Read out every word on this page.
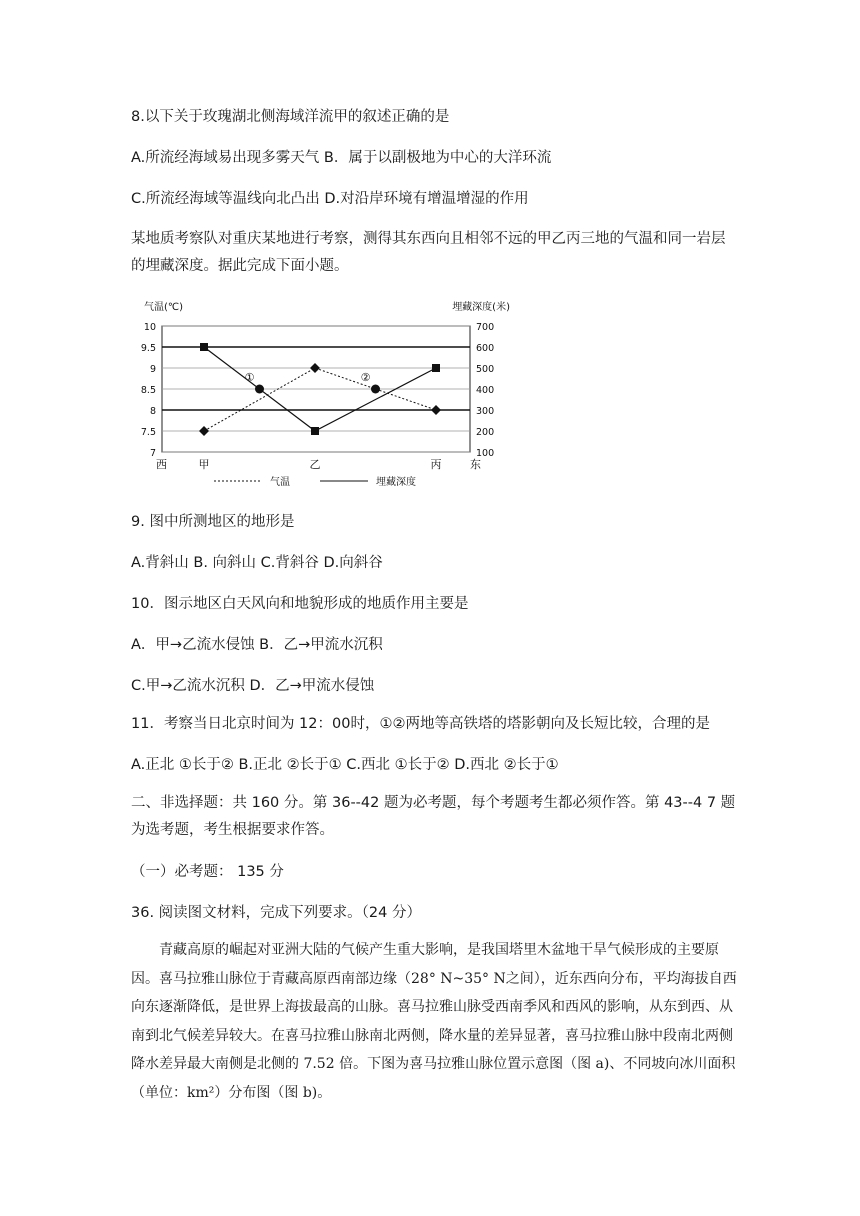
8.以下关于玫瑰湖北侧海域洋流甲的叙述正确的是
A.所流经海域易出现多雾天气 B．属于以副极地为中心的大洋环流
C.所流经海域等温线向北凸出 D.对沿岸环境有增温增湿的作用
某地质考察队对重庆某地进行考察，测得其东西向且相邻不远的甲乙丙三地的气温和同一岩层的埋藏深度。据此完成下面小题。
气温(℃)	埋藏深度(米)
10
9.5
9
8.5
8
7.5
7
700
600
500
400
300
200
100
①	②
西	东
甲	乙	丙
气温	埋藏深度
9. 图中所测地区的地形是
A.背斜山 B. 向斜山 C.背斜谷 D.向斜谷
10．图示地区白天风向和地貌形成的地质作用主要是
A．甲→乙流水侵蚀 B．乙→甲流水沉积
C.甲→乙流水沉积 D．乙→甲流水侵蚀
11．考察当日北京时间为 12：00时，①②两地等高铁塔的塔影朝向及长短比较，合理的是
A.正北 ①长于② B.正北 ②长于① C.西北 ①长于② D.西北 ②长于①
二、非选择题：共 160 分。第 36--42 题为必考题，每个考题考生都必须作答。第 43--4 7 题为选考题，考生根据要求作答。
（一）必考题： 135 分
36. 阅读图文材料，完成下列要求。（24 分）
青藏高原的崛起对亚洲大陆的气候产生重大影响，是我国塔里木盆地干旱气候形成的主要原因。喜马拉雅山脉位于青藏高原西南部边缘（28° N~35° N之间），近东西向分布，平均海拔自西向东逐渐降低，是世界上海拔最高的山脉。喜马拉雅山脉受西南季风和西风的影响，从东到西、从南到北气候差异较大。在喜马拉雅山脉南北两侧，降水量的差异显著，喜马拉雅山脉中段南北两侧降水差异最大南侧是北侧的 7.52 倍。下图为喜马拉雅山脉位置示意图（图 a)、不同坡向冰川面积（单位：km²）分布图（图 b)。
